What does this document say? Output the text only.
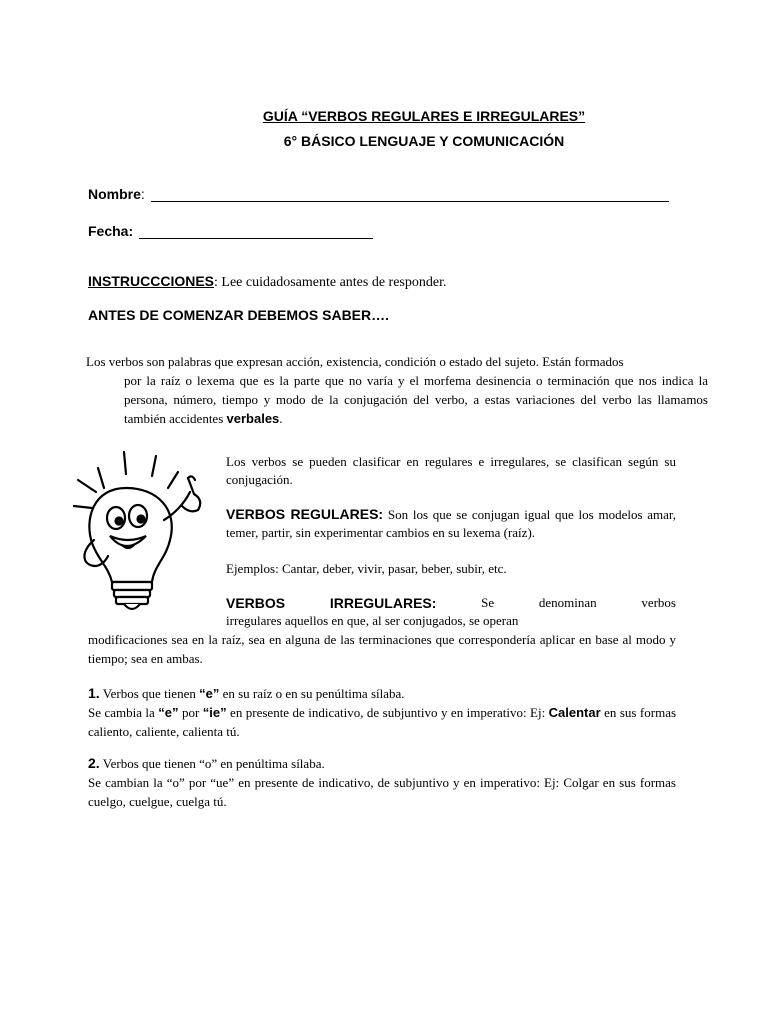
GUÍA “VERBOS REGULARES E IRREGULARES”
6° BÁSICO LENGUAJE Y COMUNICACIÓN
Nombre :
Fecha:
INSTRUCCCIONES: Lee cuidadosamente antes de responder.
ANTES DE COMENZAR DEBEMOS SABER….
Los verbos son palabras que expresan acción, existencia, condición o estado del sujeto. Están formados
por la raíz o lexema que es la parte que no varía y el morfema desinencia o terminación que nos indica la persona, número, tiempo y modo de la conjugación del verbo, a estas variaciones del verbo las llamamos también accidentes verbales.
Los verbos se pueden clasificar en regulares e irregulares, se clasifican según su conjugación.
VERBOS REGULARES: Son los que se conjugan igual que los modelos amar, temer, partir, sin experimentar cambios en su lexema (raíz).
Ejemplos: Cantar, deber, vivir, pasar, beber, subir, etc.
VERBOS	IRREGULARES:	Se	denominan	verbos
irregulares aquellos en que, al ser conjugados, se operan
modificaciones sea en la raíz, sea en alguna de las terminaciones que correspondería aplicar en base al modo y tiempo; sea en ambas.
1. Verbos que tienen “e” en su raíz o en su penúltima sílaba.
Se cambia la “e” por “ie” en presente de indicativo, de subjuntivo y en imperativo: Ej: Calentar en sus formas caliento, caliente, calienta tú.
2. Verbos que tienen “o” en penúltima sílaba.
Se cambian la “o” por “ue” en presente de indicativo, de subjuntivo y en imperativo: Ej: Colgar en sus formas cuelgo, cuelgue, cuelga tú.
